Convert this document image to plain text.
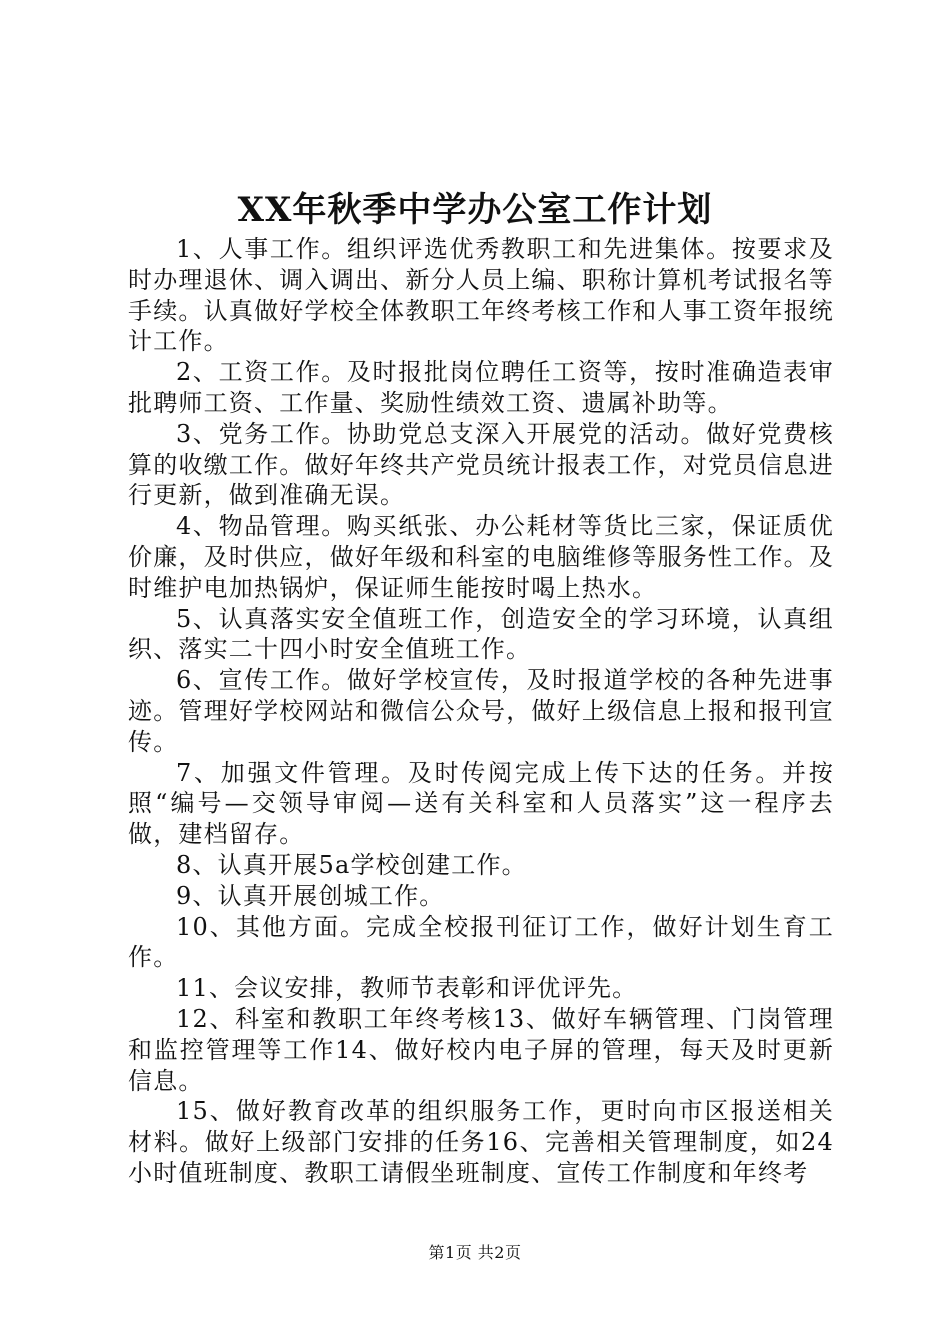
XX年秋季中学办公室工作计划

1、人事工作。组织评选优秀教职工和先进集体。按要求及时办理退休、调入调出、新分人员上编、职称计算机考试报名等手续。认真做好学校全体教职工年终考核工作和人事工资年报统计工作。

2、工资工作。及时报批岗位聘任工资等，按时准确造表审批聘师工资、工作量、奖励性绩效工资、遗属补助等。

3、党务工作。协助党总支深入开展党的活动。做好党费核算的收缴工作。做好年终共产党员统计报表工作，对党员信息进行更新，做到准确无误。

4、物品管理。购买纸张、办公耗材等货比三家，保证质优价廉，及时供应，做好年级和科室的电脑维修等服务性工作。及时维护电加热锅炉，保证师生能按时喝上热水。

5、认真落实安全值班工作，创造安全的学习环境，认真组织、落实二十四小时安全值班工作。

6、宣传工作。做好学校宣传，及时报道学校的各种先进事迹。管理好学校网站和微信公众号，做好上级信息上报和报刊宣传。

7、加强文件管理。及时传阅完成上传下达的任务。并按照“编号—交领导审阅—送有关科室和人员落实”这一程序去做，建档留存。

8、认真开展5a学校创建工作。

9、认真开展创城工作。

10、其他方面。完成全校报刊征订工作，做好计划生育工作。

11、会议安排，教师节表彰和评优评先。

12、科室和教职工年终考核13、做好车辆管理、门岗管理和监控管理等工作14、做好校内电子屏的管理，每天及时更新信息。

15、做好教育改革的组织服务工作，更时向市区报送相关材料。做好上级部门安排的任务16、完善相关管理制度，如24小时值班制度、教职工请假坐班制度、宣传工作制度和年终考

第1页 共2页
